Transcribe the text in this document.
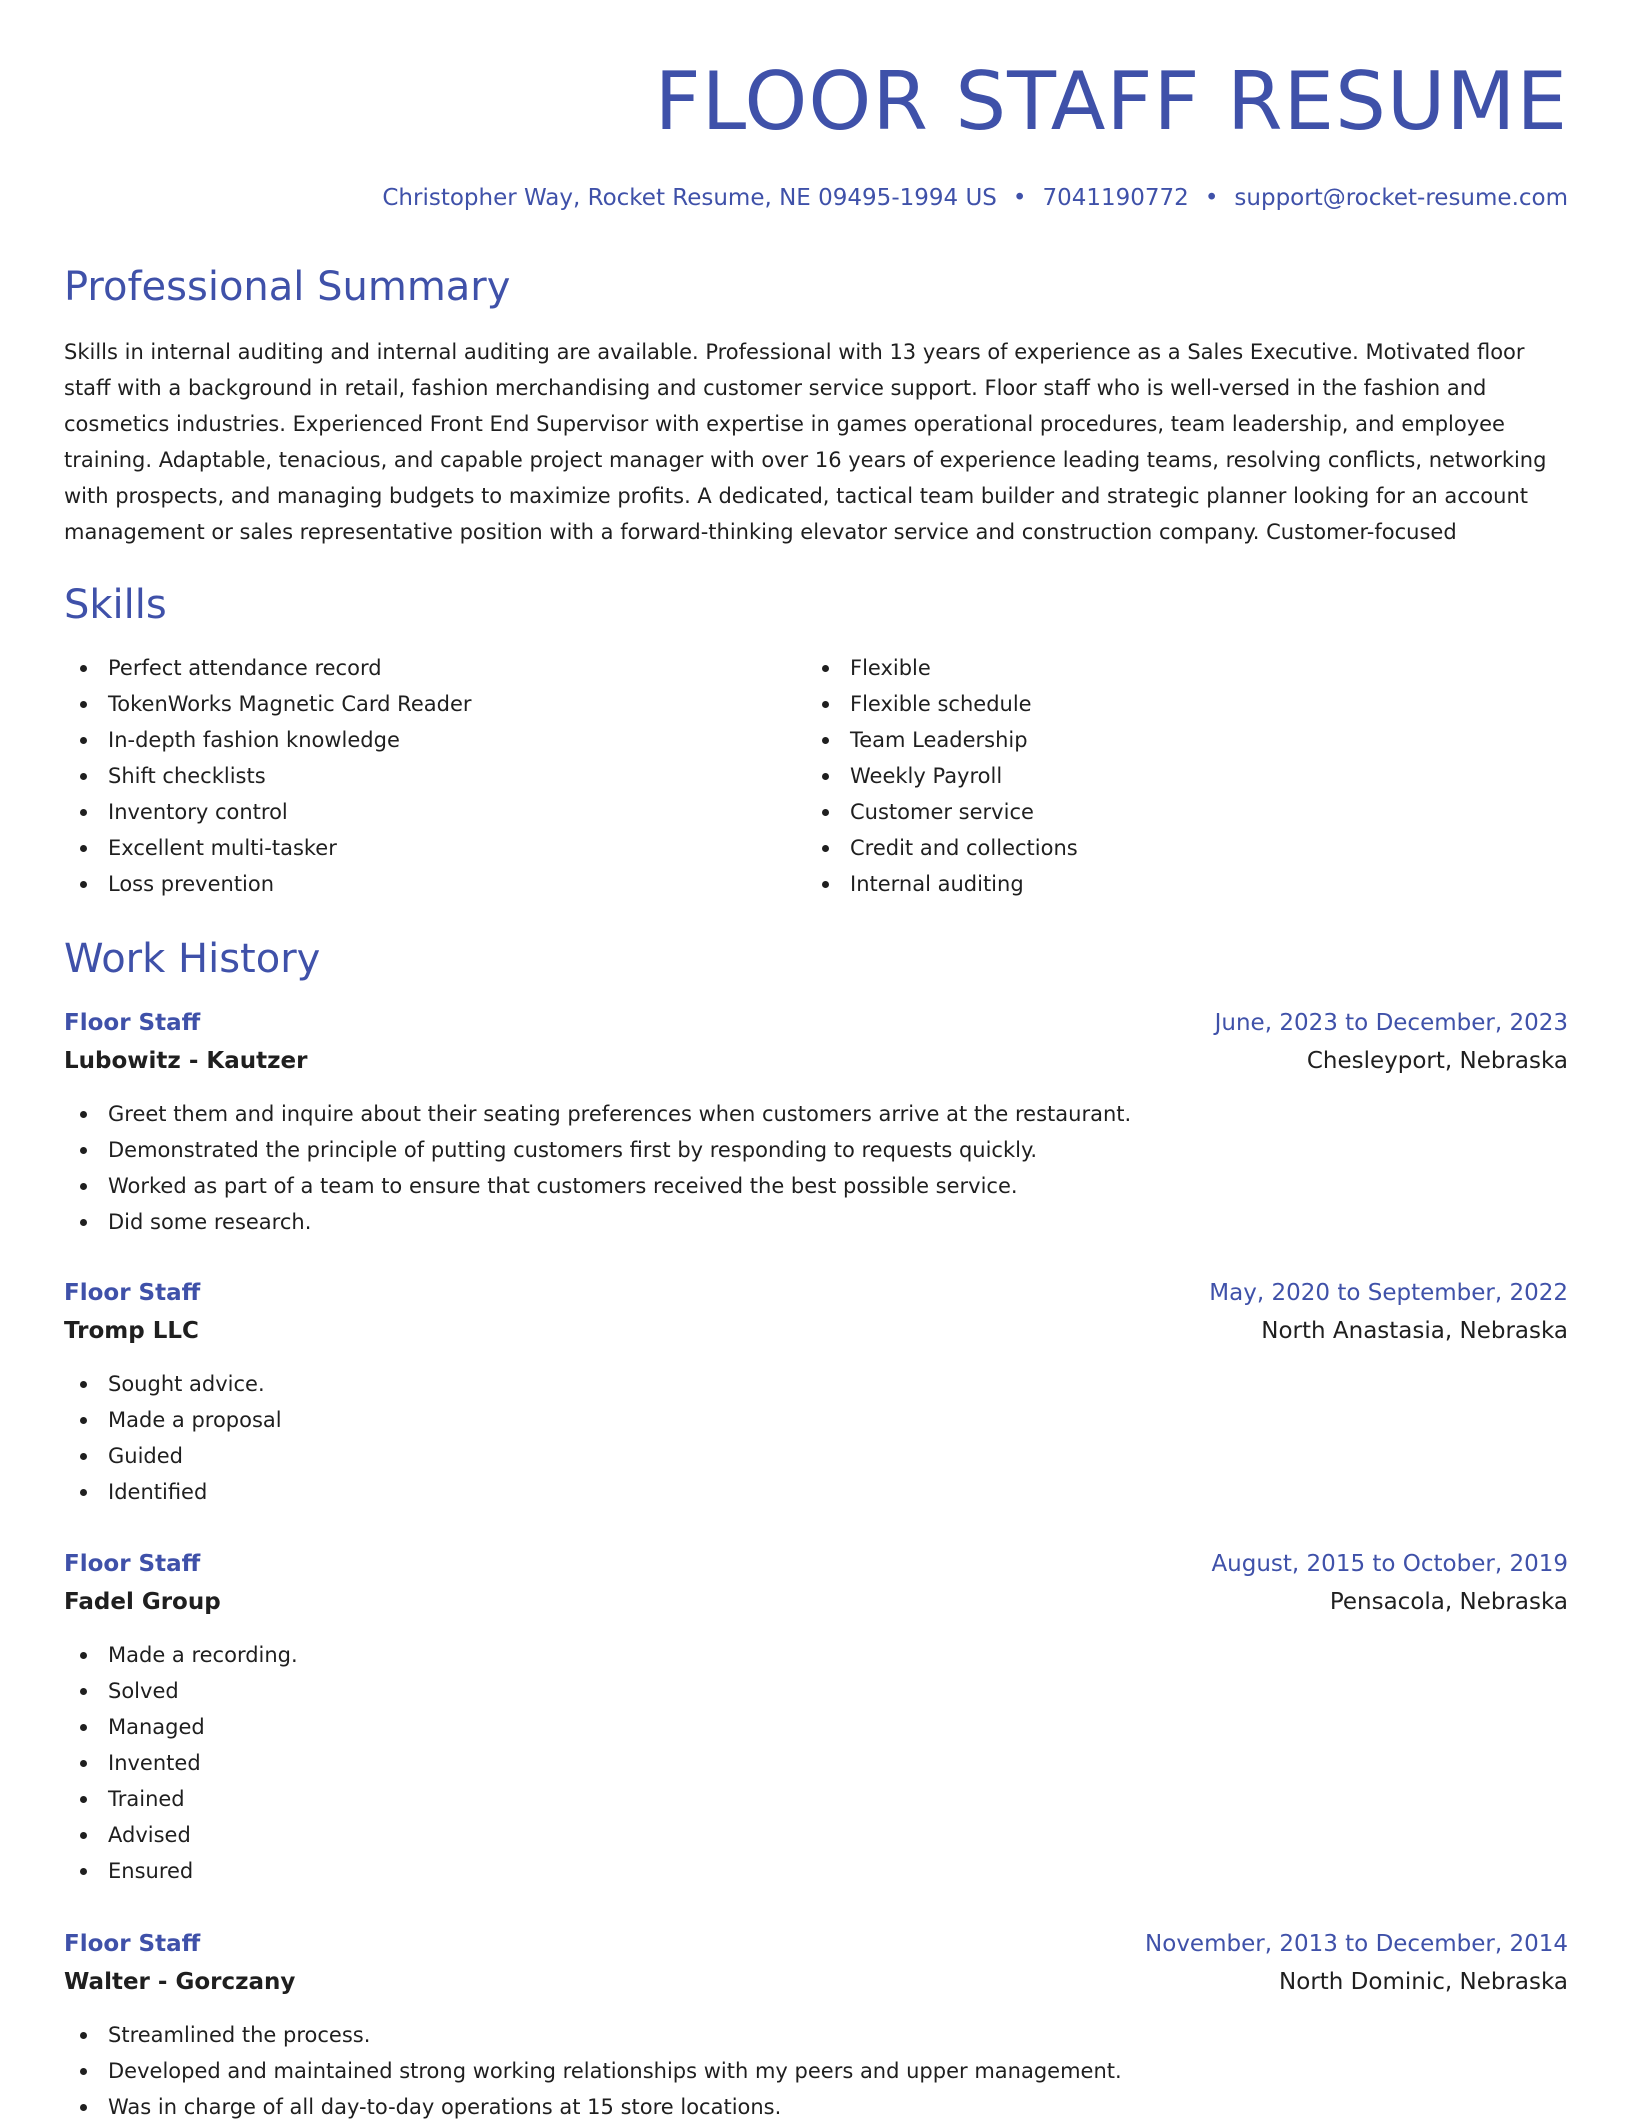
FLOOR STAFF RESUME
Christopher Way, Rocket Resume, NE 09495-1994 US • 7041190772 • support@rocket-resume.com
Professional Summary

Skills in internal auditing and internal auditing are available. Professional with 13 years of experience as a Sales Executive. Motivated floor staff with a background in retail, fashion merchandising and customer service support. Floor staff who is well-versed in the fashion and cosmetics industries. Experienced Front End Supervisor with expertise in games operational procedures, team leadership, and employee training. Adaptable, tenacious, and capable project manager with over 16 years of experience leading teams, resolving conflicts, networking with prospects, and managing budgets to maximize profits. A dedicated, tactical team builder and strategic planner looking for an account management or sales representative position with a forward-thinking elevator service and construction company. Customer-focused

Skills
Perfect attendance record
TokenWorks Magnetic Card Reader
In-depth fashion knowledge
Shift checklists
Inventory control
Excellent multi-tasker
Loss prevention
Flexible
Flexible schedule
Team Leadership
Weekly Payroll
Customer service
Credit and collections
Internal auditing
Work History
Floor Staff	June, 2023 to December, 2023
Lubowitz - Kautzer	Chesleyport, Nebraska
Greet them and inquire about their seating preferences when customers arrive at the restaurant.
Demonstrated the principle of putting customers first by responding to requests quickly.
Worked as part of a team to ensure that customers received the best possible service.
Did some research.
Floor Staff	May, 2020 to September, 2022
Tromp LLC	North Anastasia, Nebraska
Sought advice.
Made a proposal
Guided
Identified
Floor Staff	August, 2015 to October, 2019
Fadel Group	Pensacola, Nebraska
Made a recording.
Solved
Managed
Invented
Trained
Advised
Ensured
Floor Staff	November, 2013 to December, 2014
Walter - Gorczany	North Dominic, Nebraska
Streamlined the process.
Developed and maintained strong working relationships with my peers and upper management.
Was in charge of all day-to-day operations at 15 store locations.
